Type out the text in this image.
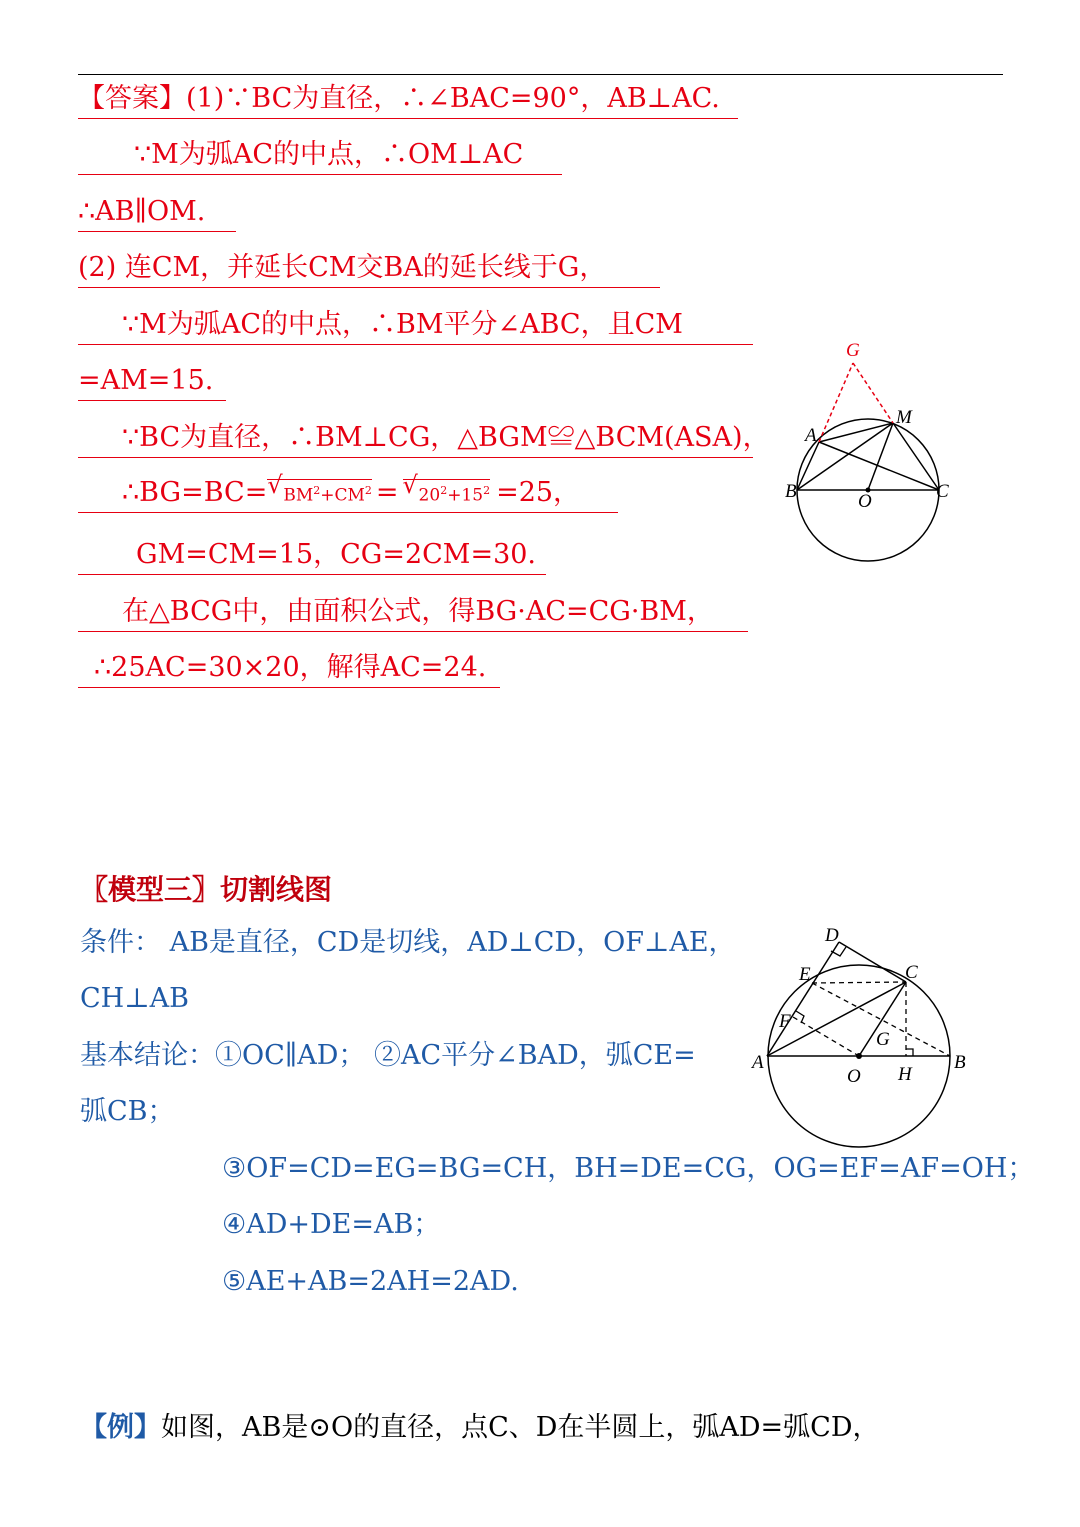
【答案】(1)∵BC为直径，∴∠BAC=90°，AB⊥AC.
∵M为弧AC的中点，∴OM⊥AC
∴AB∥OM.
(2) 连CM，并延长CM交BA的延长线于G，
∵M为弧AC的中点，∴BM平分∠ABC，且CM
=AM=15.
∵BC为直径，∴BM⊥CG，△BGM≌△BCM(ASA)，
∴BG=BC= √ $BM^2+CM^2$ = √ $20^2+15^2 =25$，
GM=CM=15，CG=2CM=30.
在△BCG中，由面积公式，得BG·AC=CG·BM，
∴25AC=30×20，解得AC=24.
G
M
A
B	O	C
〖模型三〗切割线图
条件： AB是直径，CD是切线，AD⊥CD，OF⊥AE，
CH⊥AB
基本结论：①OC∥AD； ②AC平分∠BAD，弧CE=
弧CB；
③OF=CD=EG=BG=CH，BH=DE=CG，OG=EF=AF=OH；
④AD+DE=AB；
⑤AE+AB=2AH=2AD.
D
E	C
F
G
A
O H
B
【例】如图，AB是⊙O的直径，点C、D在半圆上，弧AD=弧CD，
